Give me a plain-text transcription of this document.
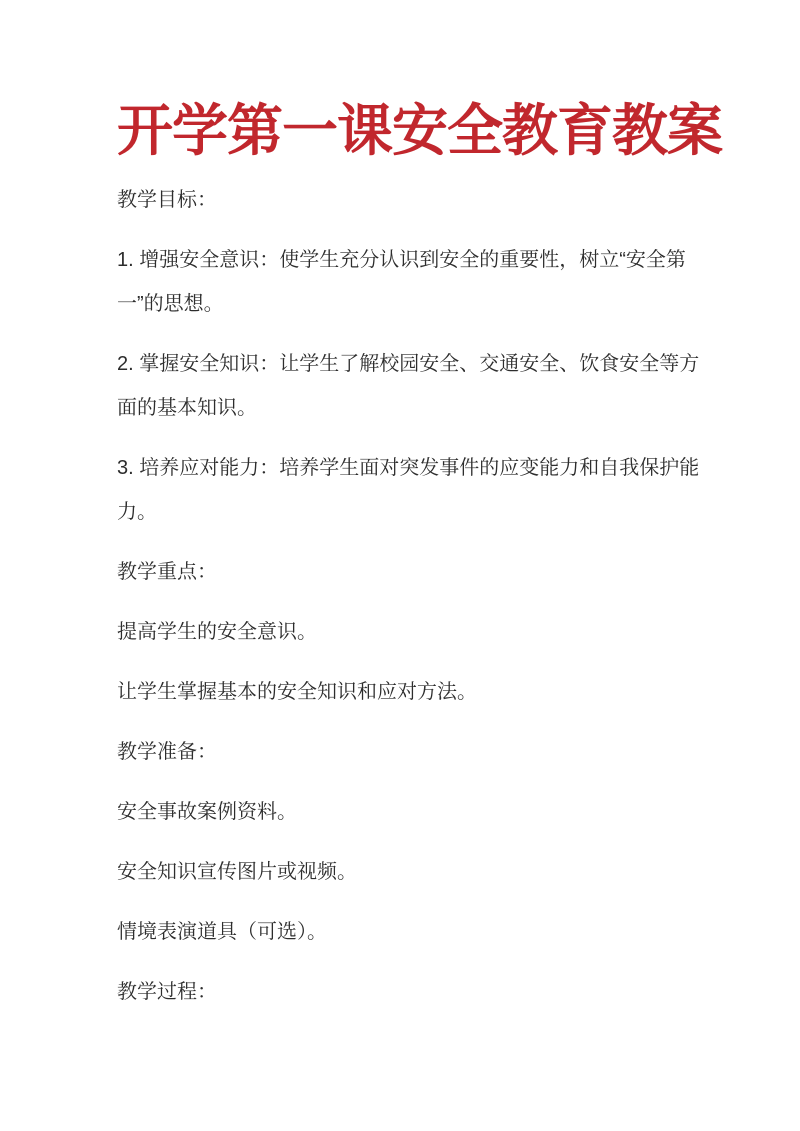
开学第一课安全教育教案
教学目标：
1. 增强安全意识：使学生充分认识到安全的重要性，树立“安全第
一”的思想。
2. 掌握安全知识：让学生了解校园安全、交通安全、饮食安全等方
面的基本知识。
3. 培养应对能力：培养学生面对突发事件的应变能力和自我保护能
力。
教学重点：
提高学生的安全意识。
让学生掌握基本的安全知识和应对方法。
教学准备：
安全事故案例资料。
安全知识宣传图片或视频。
情境表演道具（可选）。
教学过程：
